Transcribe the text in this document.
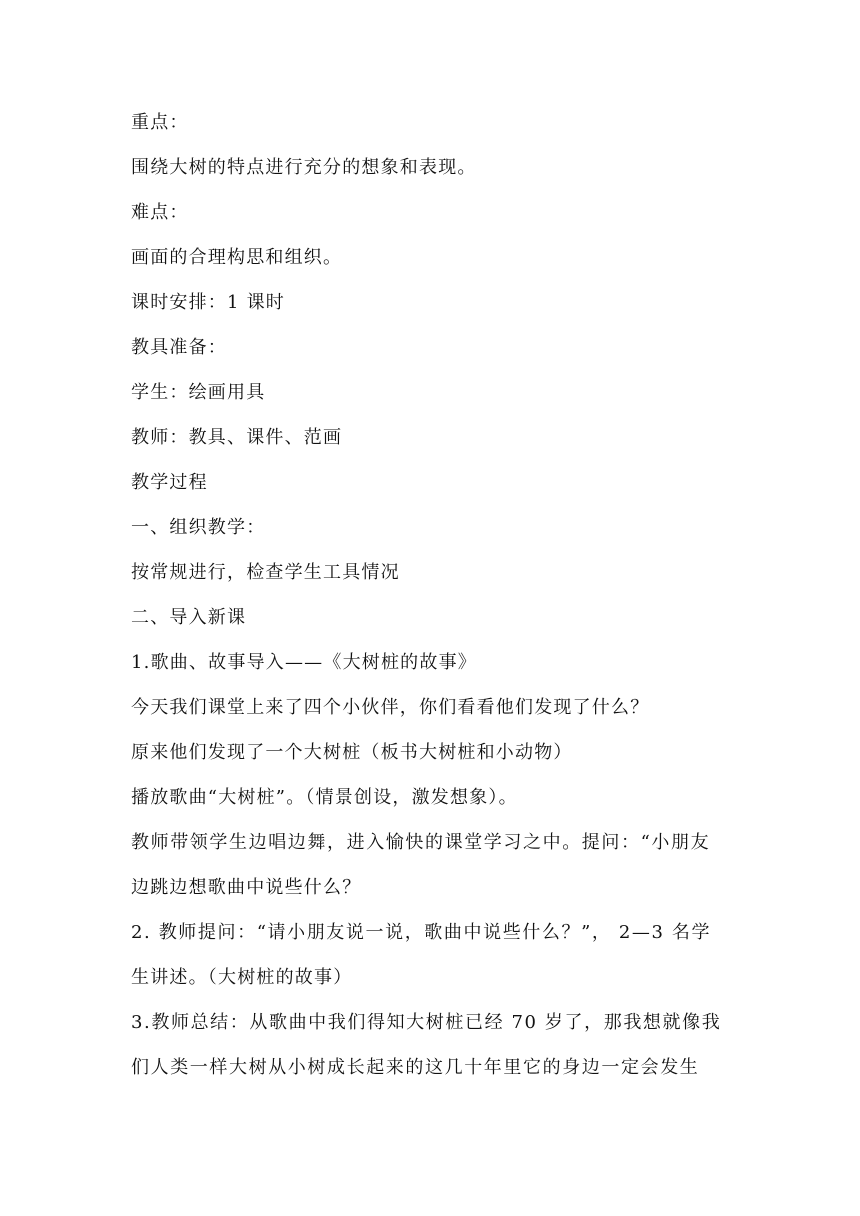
重点：

围绕大树的特点进行充分的想象和表现。

难点：

画面的合理构思和组织。

课时安排：1 课时

教具准备：

学生：绘画用具

教师：教具、课件、范画

教学过程

一、组织教学：

按常规进行，检查学生工具情况

二、导入新课

1.歌曲、故事导入——《大树桩的故事》

今天我们课堂上来了四个小伙伴，你们看看他们发现了什么？

原来他们发现了一个大树桩（板书大树桩和小动物）

播放歌曲“大树桩”。（情景创设，激发想象）。

教师带领学生边唱边舞，进入愉快的课堂学习之中。提问：“小朋友

边跳边想歌曲中说些什么？

2. 教师提问：“请小朋友说一说，歌曲中说些什么？”， 2—3 名学

生讲述。（大树桩的故事）

3.教师总结：从歌曲中我们得知大树桩已经 70 岁了，那我想就像我

们人类一样大树从小树成长起来的这几十年里它的身边一定会发生
